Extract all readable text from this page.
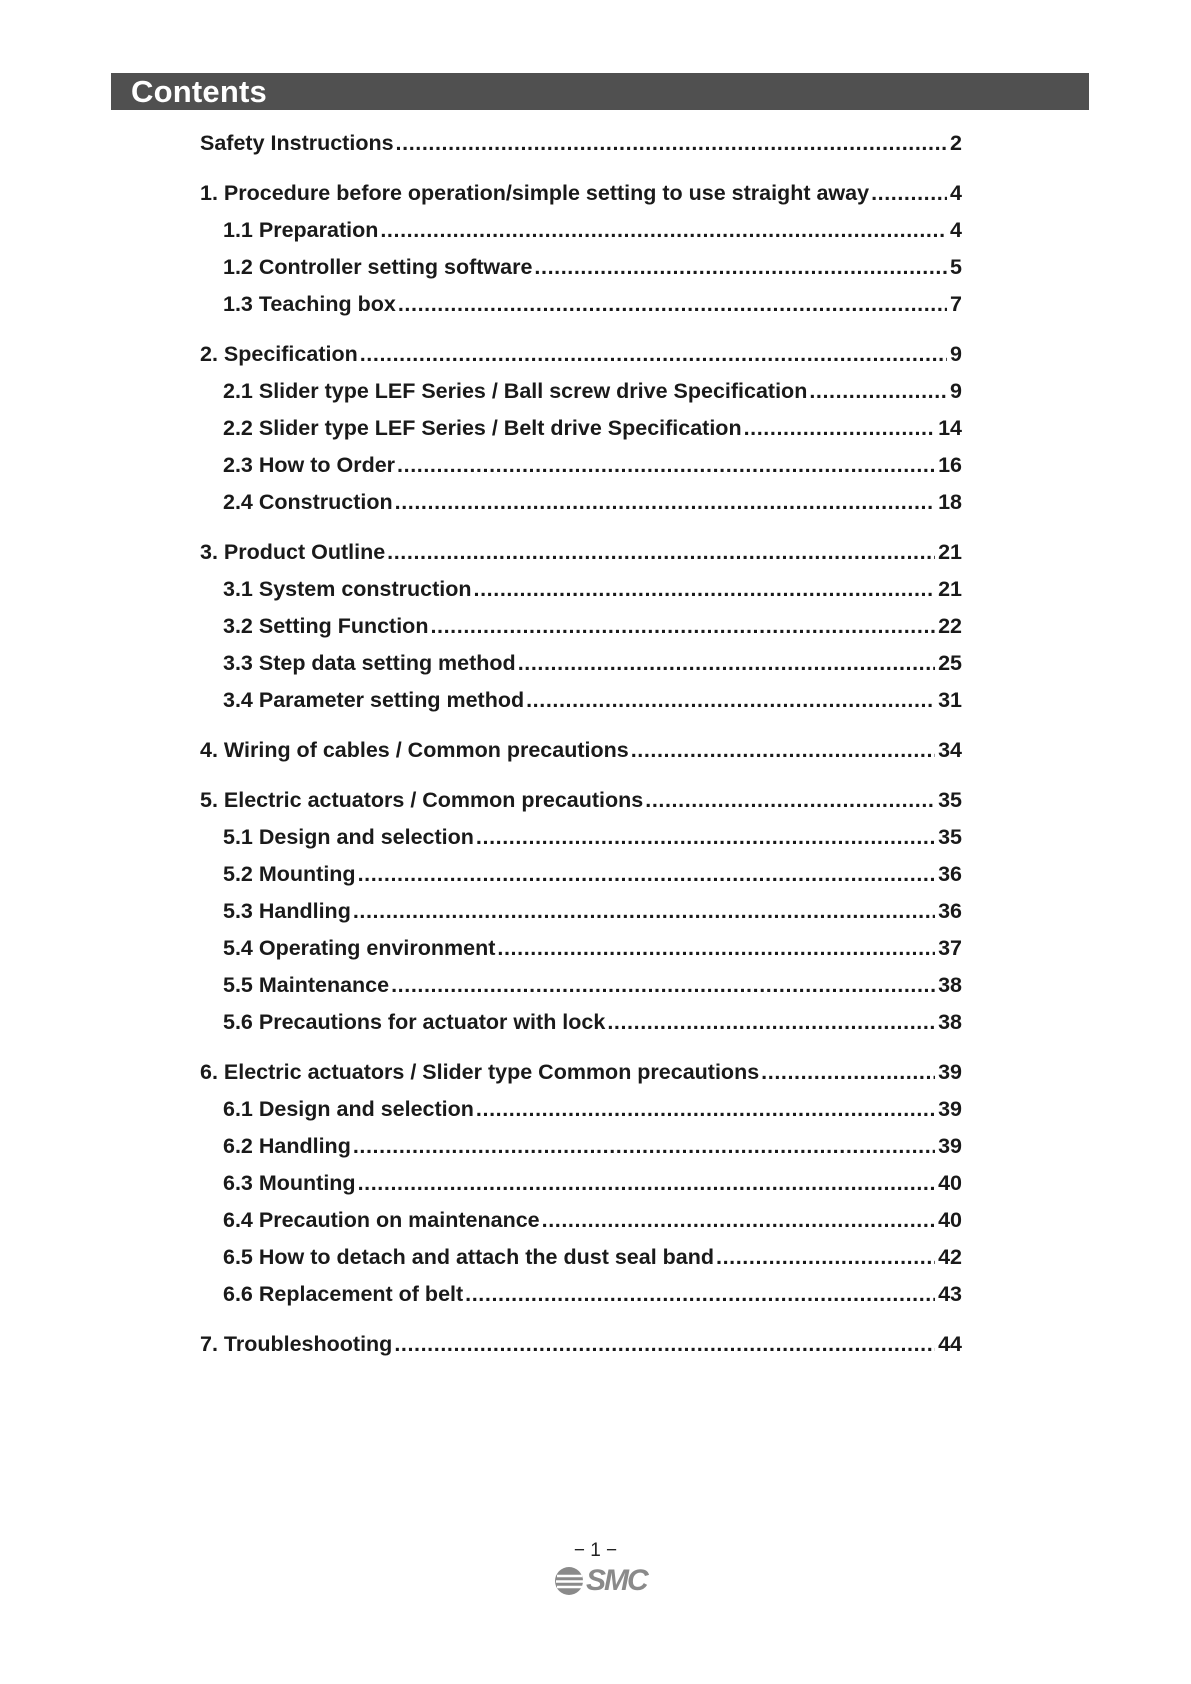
Contents
Safety Instructions .....	2
1. Procedure before operation/simple setting to use straight away .....	4
1.1 Preparation .....	4
1.2 Controller setting software .....	5
1.3 Teaching box .....	7
2. Specification .....	9
2.1 Slider type LEF Series / Ball screw drive Specification .....	9
2.2 Slider type LEF Series / Belt drive Specification .....	14
2.3 How to Order .....	16
2.4 Construction .....	18
3. Product Outline .....	21
3.1 System construction .....	21
3.2 Setting Function .....	22
3.3 Step data setting method .....	25
3.4 Parameter setting method .....	31
4. Wiring of cables / Common precautions .....	34
5. Electric actuators / Common precautions .....	35
5.1 Design and selection .....	35
5.2 Mounting .....	36
5.3 Handling .....	36
5.4 Operating environment .....	37
5.5 Maintenance .....	38
5.6 Precautions for actuator with lock .....	38
6. Electric actuators / Slider type Common precautions .....	39
6.1 Design and selection .....	39
6.2 Handling .....	39
6.3 Mounting .....	40
6.4 Precaution on maintenance .....	40
6.5 How to detach and attach the dust seal band .....	42
6.6 Replacement of belt .....	43
7. Troubleshooting .....	44
− 1 −
SMC
